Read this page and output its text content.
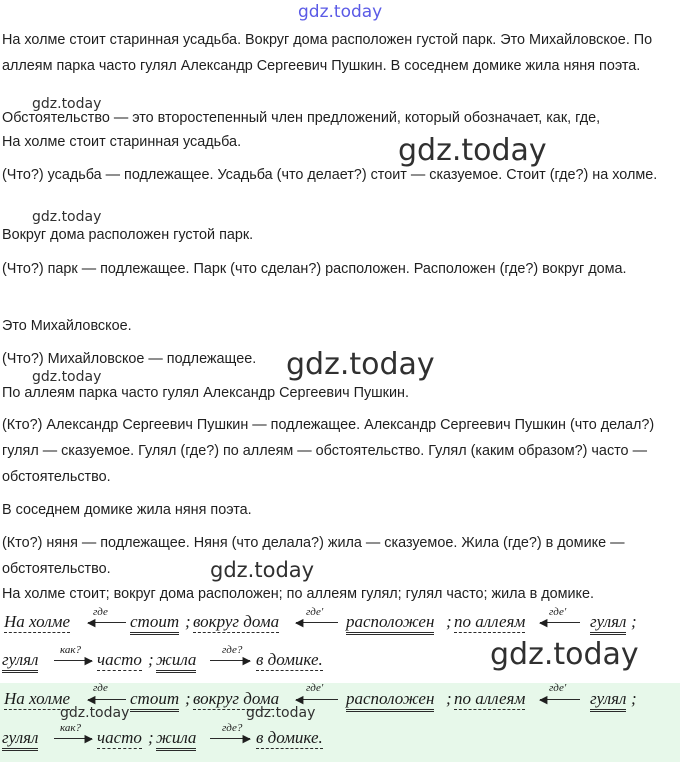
gdz.today

На холме стоит старинная усадьба. Вокруг дома расположен густой парк. Это Михайловское. По аллеям парка часто гулял Александр Сергеевич Пушкин. В соседнем домике жила няня поэта.

Обстоятельство — это второстепенный член предложений, который обозначает, как, где,

На холме стоит старинная усадьба.

(Что?) усадьба — подлежащее. Усадьба (что делает?) стоит — сказуемое. Стоит (где?) на холме.

Вокруг дома расположен густой парк.

(Что?) парк — подлежащее. Парк (что сделан?) расположен. Расположен (где?) вокруг дома.

Это Михайловское.

(Что?) Михайловское — подлежащее.

По аллеям парка часто гулял Александр Сергеевич Пушкин.

(Кто?) Александр Сергеевич Пушкин — подлежащее. Александр Сергеевич Пушкин (что делал?) гулял — сказуемое. Гулял (где?) по аллеям — обстоятельство. Гулял (каким образом?) часто — обстоятельство.

В соседнем домике жила няня поэта.

(Кто?) няня — подлежащее. Няня (что делала?) жила — сказуемое. Жила (где?) в домике — обстоятельство.

На холме стоит; вокруг дома расположен; по аллеям гулял; гулял часто; жила в домике.

gdz.today
gdz.today
gdz.today
gdz.today
gdz.today
gdz.today
gdz.today
где	где'	где'
На холме ◀ стоит ; вокруг дома ◀	расположен ; по аллеям ◀	гулял ;
как?	где?
гулял	▶ часто ; жила	▶ в домике.
где	где'	где'
На холме ◀ стоит ; вокруг дома ◀	расположен ; по аллеям ◀	гулял ;
gdz.today	gdz.today
как?	где?
гулял	▶ часто ; жила	▶ в домике.
